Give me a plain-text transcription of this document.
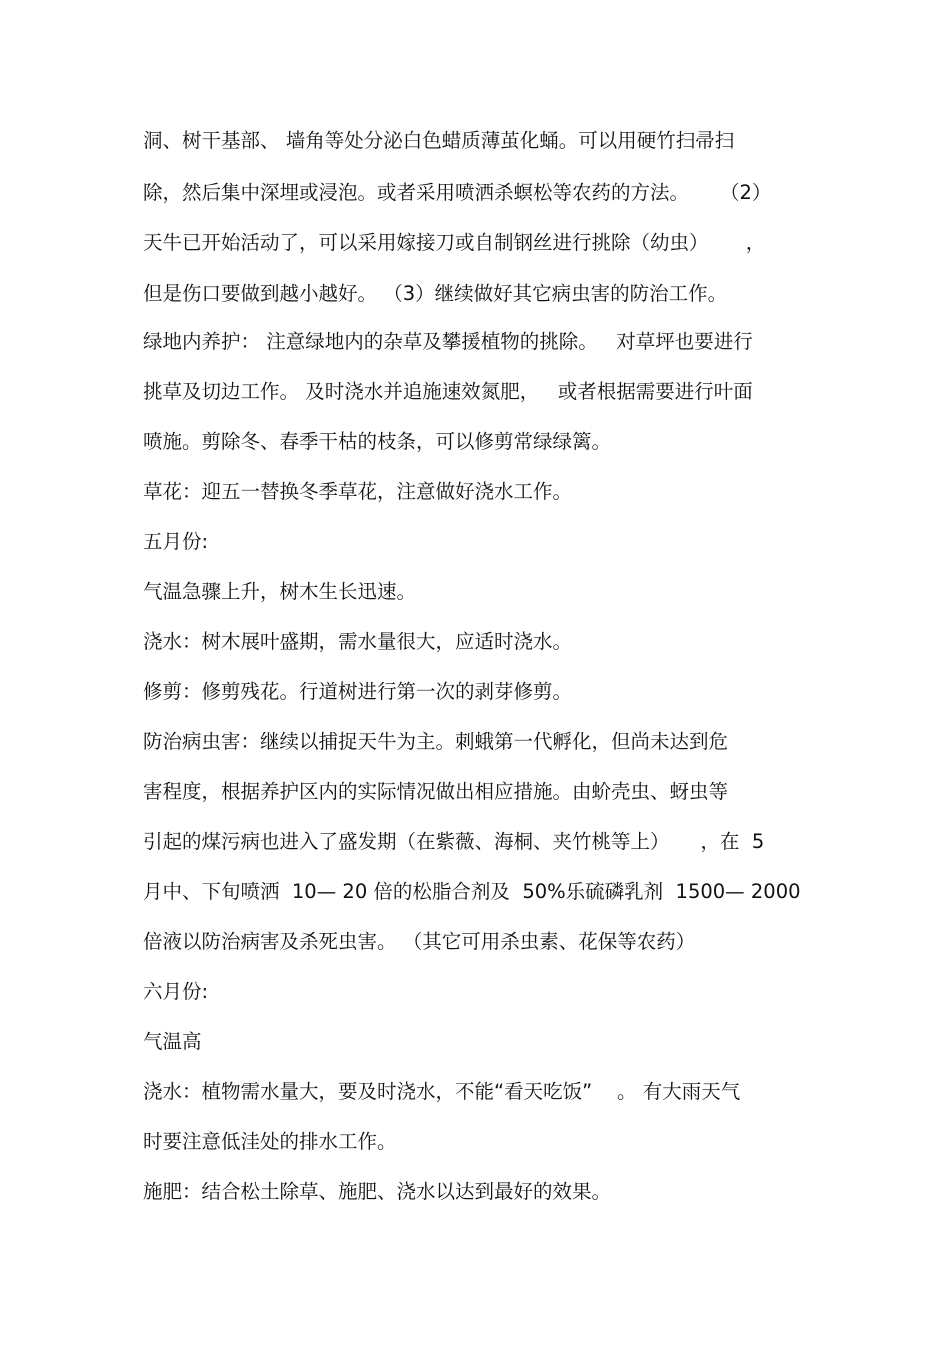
洞、树干基部、 墙角等处分泌白色蜡质薄茧化蛹。可以用硬竹扫帚扫
除，然后集中深埋或浸泡。或者采用喷洒杀螟松等农药的方法。     （2）
天牛已开始活动了，可以采用嫁接刀或自制钢丝进行挑除（幼虫）      ，
但是伤口要做到越小越好。 （3）继续做好其它病虫害的防治工作。
绿地内养护： 注意绿地内的杂草及攀援植物的挑除。   对草坪也要进行
挑草及切边工作。 及时浇水并追施速效氮肥，   或者根据需要进行叶面
喷施。剪除冬、春季干枯的枝条，可以修剪常绿绿篱。
草花：迎五一替换冬季草花，注意做好浇水工作。
五月份:
气温急骤上升，树木生长迅速。
浇水：树木展叶盛期，需水量很大，应适时浇水。
修剪：修剪残花。行道树进行第一次的剥芽修剪。
防治病虫害：继续以捕捉天牛为主。刺蛾第一代孵化，但尚未达到危
害程度，根据养护区内的实际情况做出相应措施。由蚧壳虫、蚜虫等
引起的煤污病也进入了盛发期（在紫薇、海桐、夹竹桃等上）     ，在  5
月中、下旬喷洒  10— 20 倍的松脂合剂及  50%乐硫磷乳剂  1500— 2000
倍液以防治病害及杀死虫害。 （其它可用杀虫素、花保等农药）
六月份:
气温高
浇水：植物需水量大，要及时浇水，不能“看天吃饭”    。 有大雨天气
时要注意低洼处的排水工作。
施肥：结合松土除草、施肥、浇水以达到最好的效果。
